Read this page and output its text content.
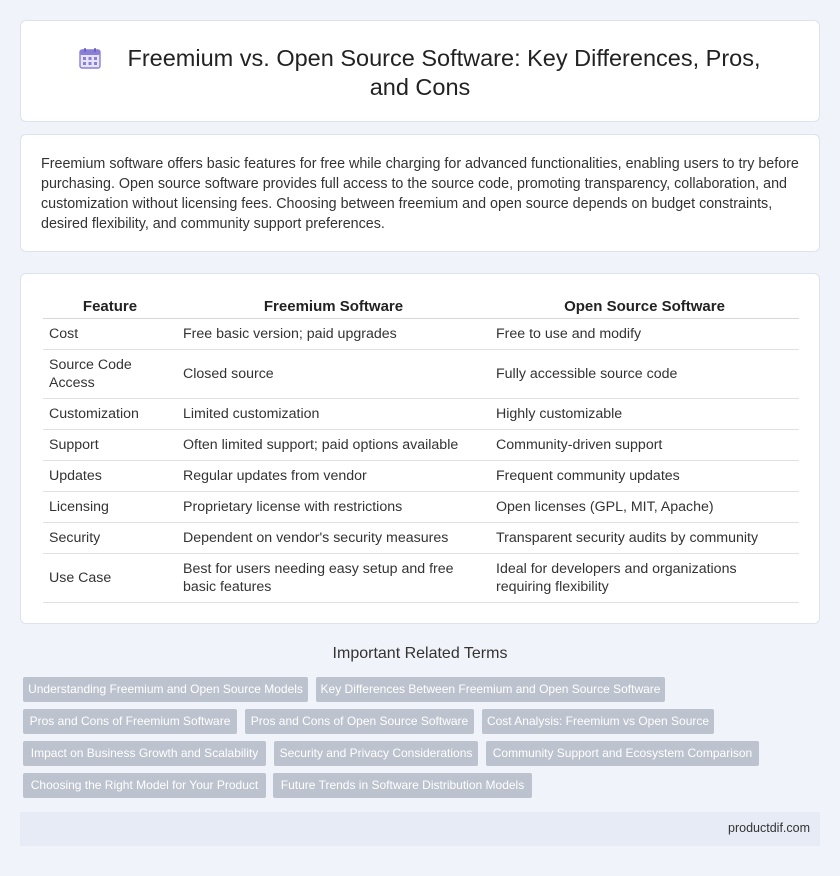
Freemium vs. Open Source Software: Key Differences, Pros, and Cons

Freemium software offers basic features for free while charging for advanced functionalities, enabling users to try before purchasing. Open source software provides full access to the source code, promoting transparency, collaboration, and customization without licensing fees. Choosing between freemium and open source depends on budget constraints, desired flexibility, and community support preferences.

Feature	Freemium Software	Open Source Software
Cost	Free basic version; paid upgrades	Free to use and modify
Source Code Access	Closed source	Fully accessible source code
Customization	Limited customization	Highly customizable
Support	Often limited support; paid options available	Community-driven support
Updates	Regular updates from vendor	Frequent community updates
Licensing	Proprietary license with restrictions	Open licenses (GPL, MIT, Apache)
Security	Dependent on vendor's security measures	Transparent security audits by community
Use Case	Best for users needing easy setup and free basic features	Ideal for developers and organizations requiring flexibility
Important Related Terms
Understanding Freemium and Open Source Models	Key Differences Between Freemium and Open Source Software
Pros and Cons of Freemium Software	Pros and Cons of Open Source Software	Cost Analysis: Freemium vs Open Source
Impact on Business Growth and Scalability	Security and Privacy Considerations	Community Support and Ecosystem Comparison
Choosing the Right Model for Your Product	Future Trends in Software Distribution Models
productdif.com
